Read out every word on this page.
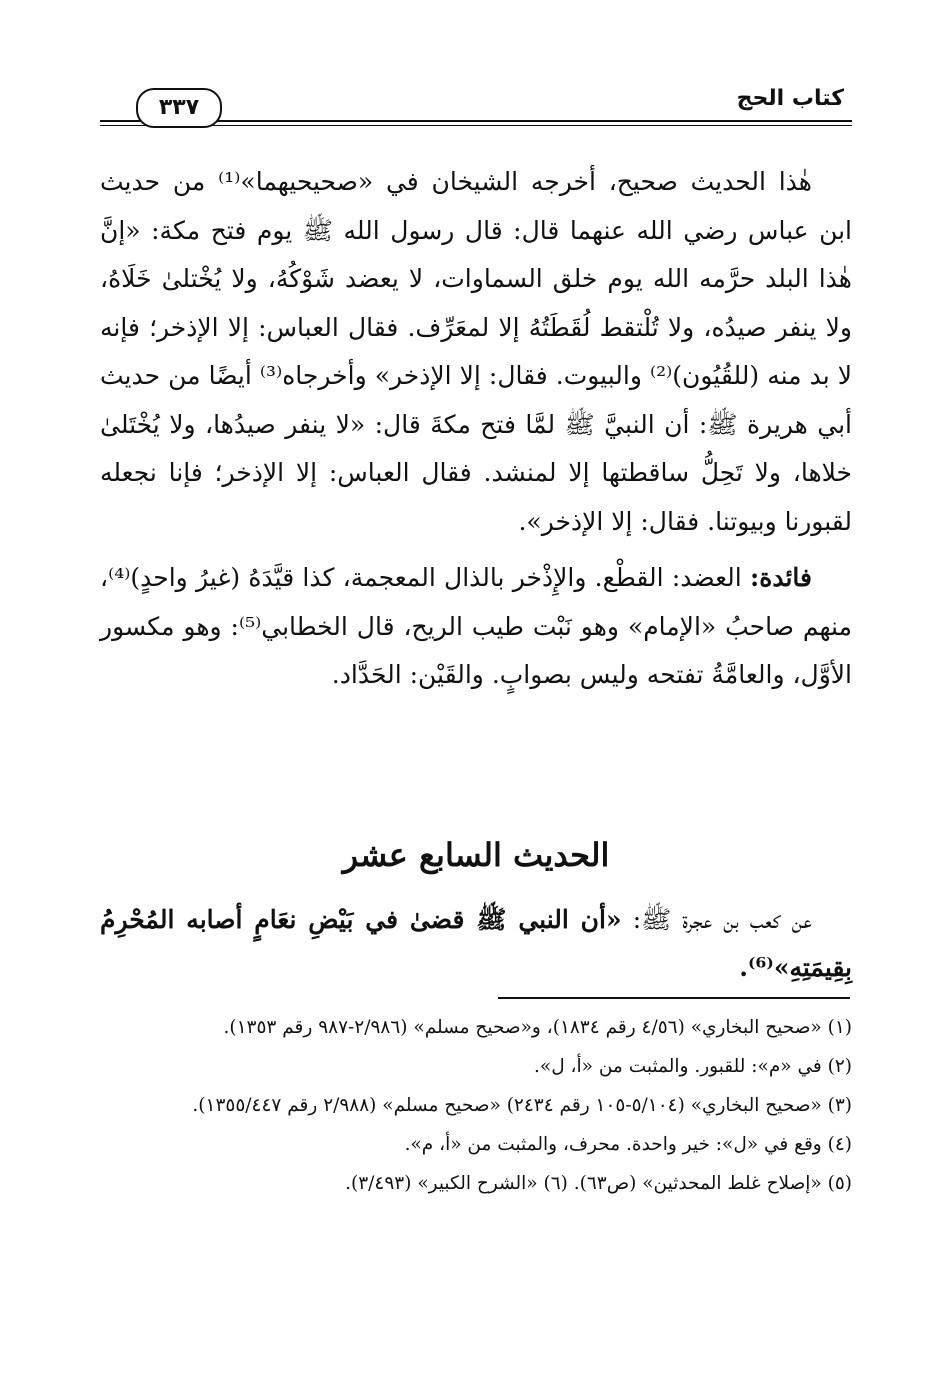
٣٣٧	كتاب الحج

هٰذا الحديث صحيح، أخرجه الشيخان في «صحيحيهما»⁽¹⁾ من حديث ابن عباس رضي الله عنهما قال: قال رسول الله ﷺ يوم فتح مكة: «إنَّ هٰذا البلد حرَّمه الله يوم خلق السماوات، لا يعضد شَوْكُهُ، ولا يُخْتلىٰ خَلَاهُ، ولا ينفر صيدُه، ولا تُلْتقط لُقَطَتُهُ إلا لمعَرِّف. فقال العباس: إلا الإذخر؛ فإنه لا بد منه (للقُيُون)⁽²⁾ والبيوت. فقال: إلا الإذخر» وأخرجاه⁽³⁾ أيضًا من حديث أبي هريرة ﷺ: أن النبيَّ ﷺ لمَّا فتح مكةَ قال: «لا ينفر صيدُها، ولا يُخْتَلىٰ خلاها، ولا تَحِلُّ ساقطتها إلا لمنشد. فقال العباس: إلا الإذخر؛ فإنا نجعله لقبورنا وبيوتنا. فقال: إلا الإذخر».

فائدة: العضد: القطْع. والإِذْخر بالذال المعجمة، كذا قيَّدَهُ (غيرُ واحدٍ)⁽⁴⁾، منهم صاحبُ «الإمام» وهو نَبْت طيب الريح، قال الخطابي⁽⁵⁾: وهو مكسور الأوَّل، والعامَّةُ تفتحه وليس بصوابٍ. والقَيْن: الحَدَّاد.

الحديث السابع عشر

عن كعب بن عجرة ﷺ: «أن النبي ﷺ قضىٰ في بَيْضِ نعَامٍ أصابه المُحْرِمُ بِقِيمَتِهِ»⁽⁶⁾.

(١) «صحيح البخاري» (٤/٥٦ رقم ١٨٣٤)، و«صحيح مسلم» (٢/٩٨٦-٩٨٧ رقم ١٣٥٣).

(٢) في «م»: للقبور. والمثبت من «أ، ل».

(٣) «صحيح البخاري» (٥/١٠٤-١٠٥ رقم ٢٤٣٤) «صحيح مسلم» (٢/٩٨٨ رقم ١٣٥٥/٤٤٧).

(٤) وقع في «ل»: خير واحدة. محرف، والمثبت من «أ، م».

(٥) «إصلاح غلط المحدثين» (ص٦٣). (٦) «الشرح الكبير» (٣/٤٩٣).
